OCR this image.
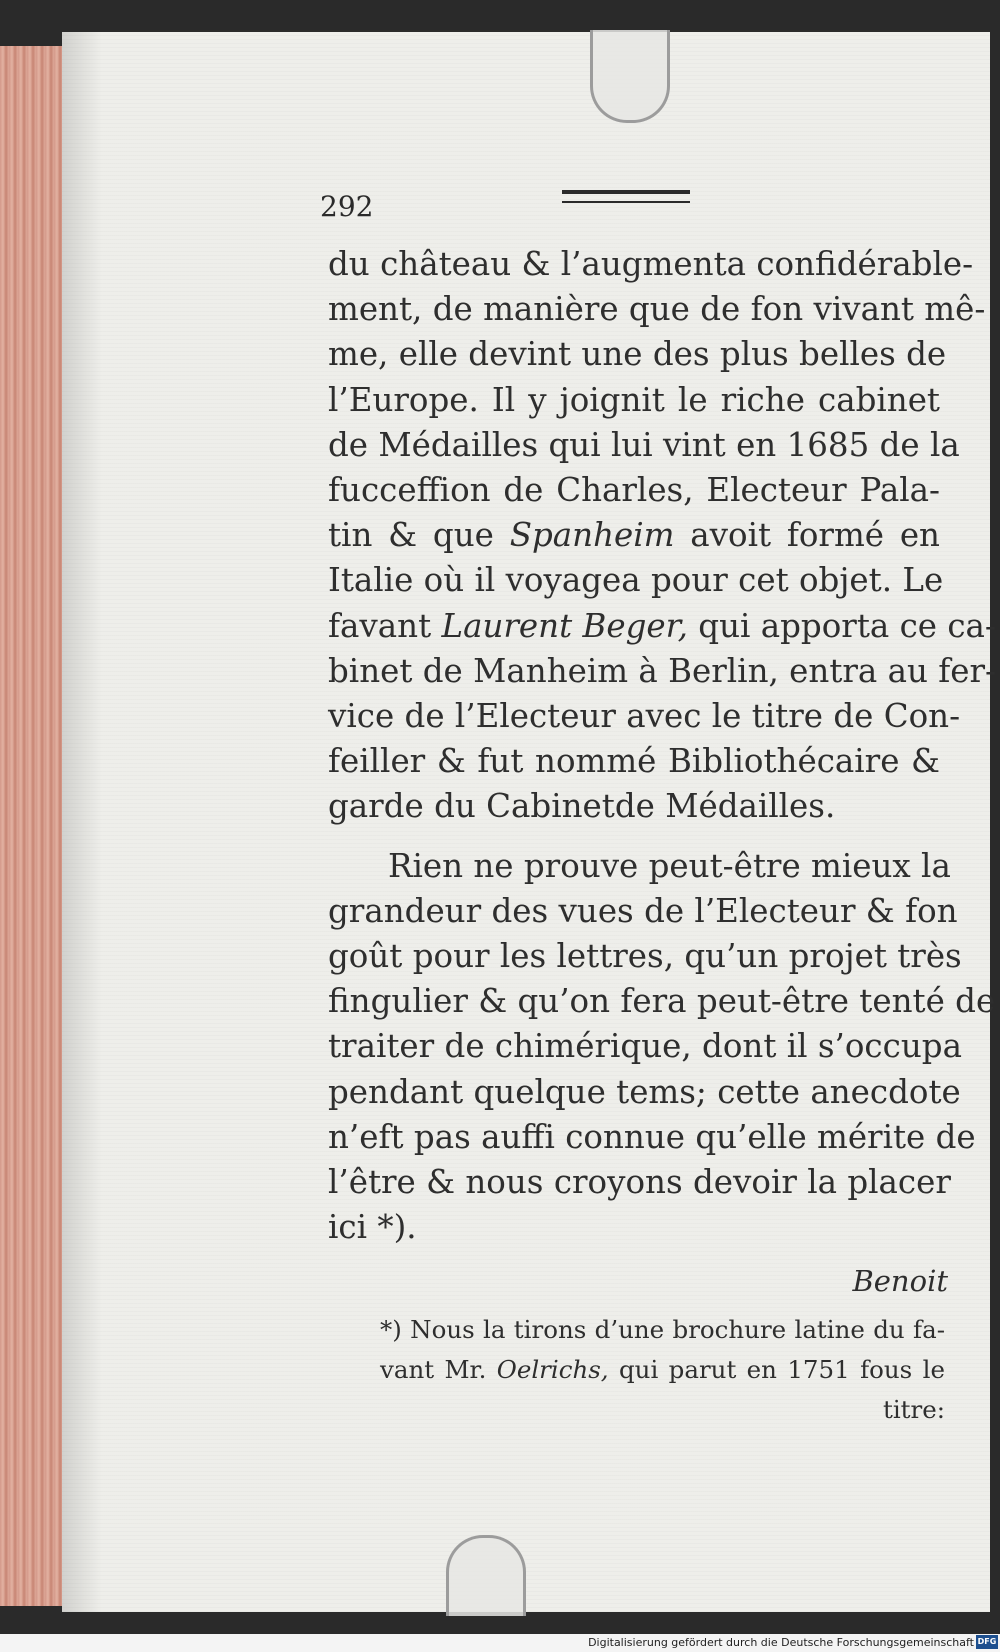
292

du château & l’augmenta confidérable-
ment, de manière que de fon vivant mê-
me, elle devint une des plus belles de
l’Europe. Il y joignit le riche cabinet
de Médailles qui lui vint en 1685 de la
fucceffion de Charles, Electeur Pala-
tin & que Spanheim avoit formé en
Italie où il voyagea pour cet objet. Le
favant Laurent Beger, qui apporta ce ca-
binet de Manheim à Berlin, entra au fer-
vice de l’Electeur avec le titre de Con-
feiller & fut nommé Bibliothécaire &
garde du Cabinetde Médailles.

Rien ne prouve peut-être mieux la
grandeur des vues de l’Electeur & fon
goût pour les lettres, qu’un projet très
fingulier & qu’on fera peut-être tenté de
traiter de chimérique, dont il s’occupa
pendant quelque tems; cette anecdote
n’eft pas auffi connue qu’elle mérite de
l’être & nous croyons devoir la placer
ici *).

Benoit
*) Nous la tirons d’une brochure latine du fa-
vant Mr. Oelrichs, qui parut en 1751 fous le
titre:
Digitalisierung gefördert durch die Deutsche Forschungsgemeinschaft DFG
